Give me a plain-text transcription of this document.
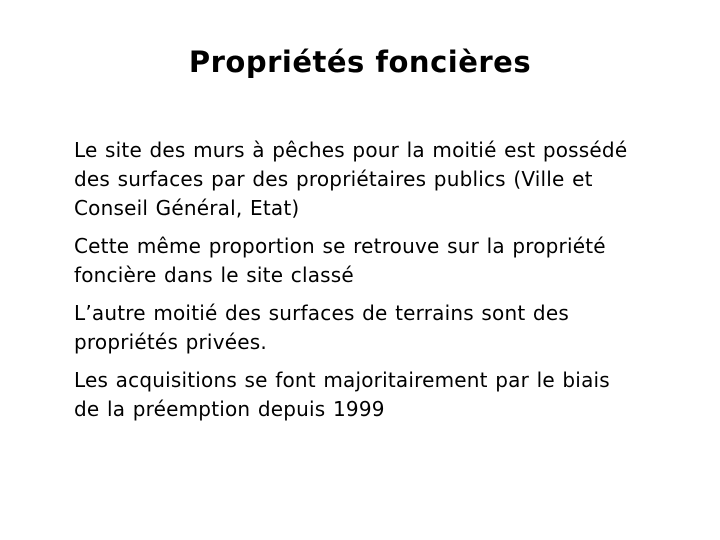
Propriétés foncières

Le site des murs à pêches pour la moitié est possédé des surfaces par des propriétaires publics (Ville et Conseil Général, Etat)

Cette même proportion se retrouve sur la propriété foncière dans le site classé

L’autre moitié des surfaces de terrains sont des propriétés privées.

Les acquisitions se font majoritairement par le biais de la préemption depuis 1999
